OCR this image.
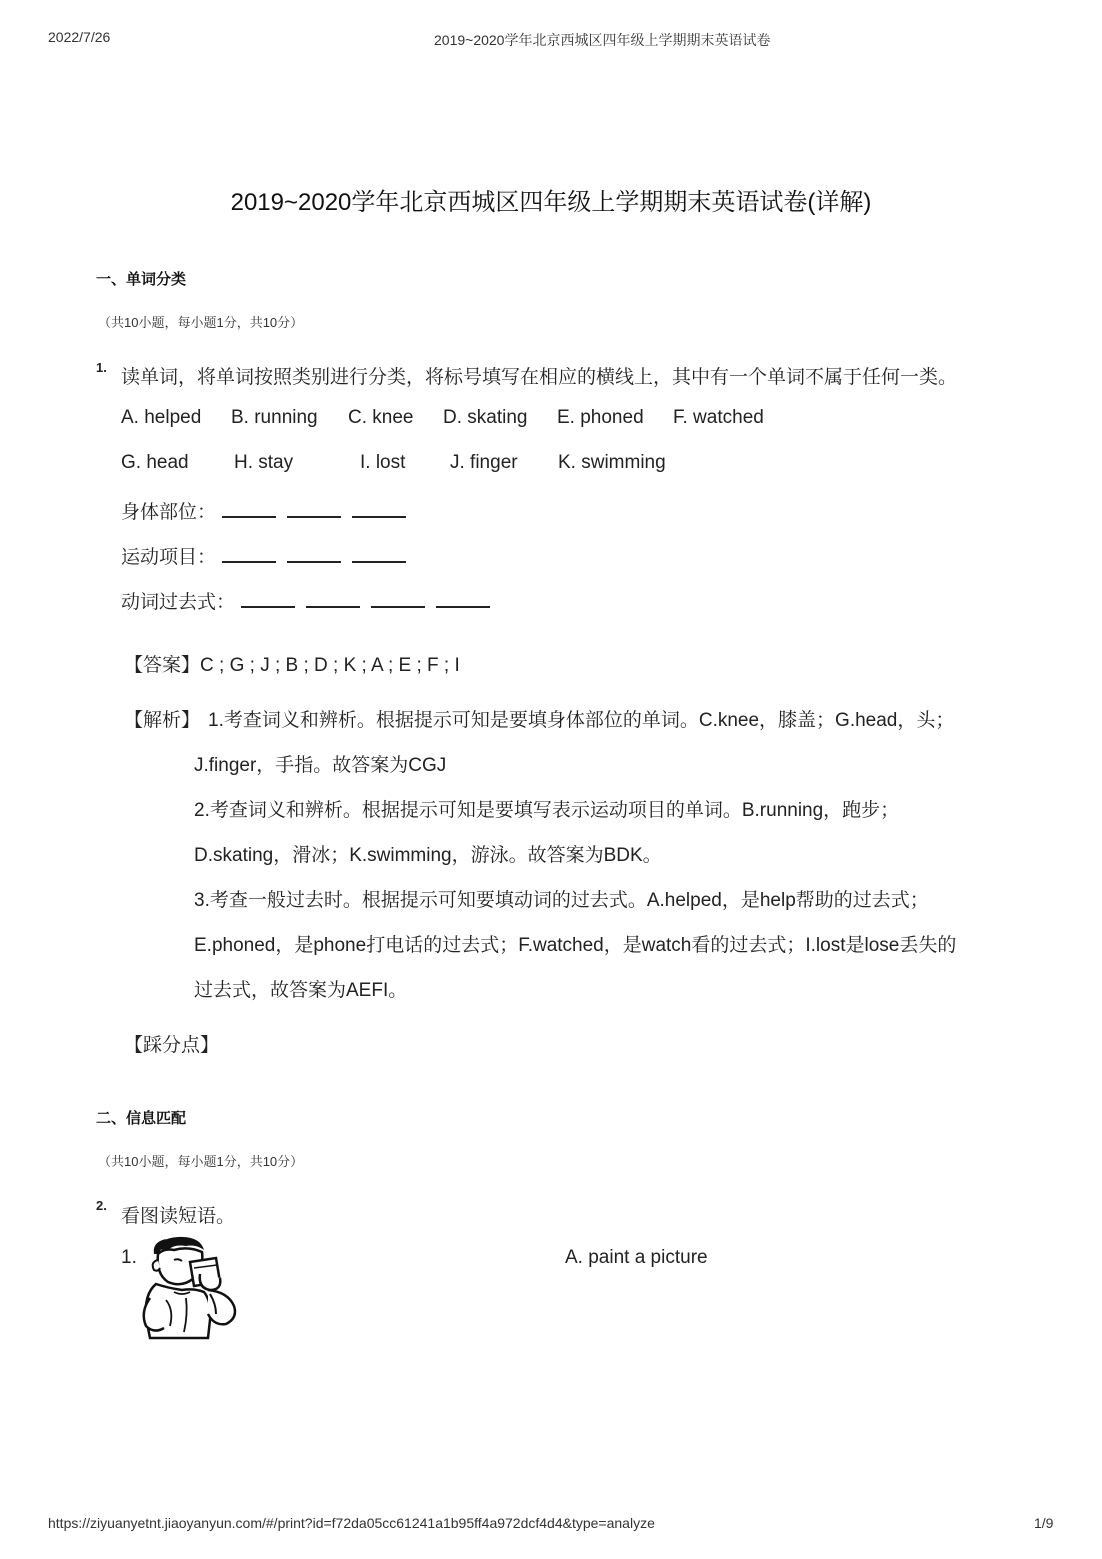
2022/7/26	2019~2020学年北京西城区四年级上学期期末英语试卷
2019~2020学年北京西城区四年级上学期期末英语试卷(详解)
一、单词分类
（共10小题，每小题1分，共10分）
1. 读单词，将单词按照类别进行分类，将标号填写在相应的横线上，其中有一个单词不属于任何一类。
A. helped B. running C. knee D. skating E. phoned F. watched
G. head H. stay	I. lost J. finger K. swimming
身体部位：
运动项目：
动词过去式：
【答案】C ; G ; J ; B ; D ; K ; A ; E ; F ; I
【解析】 1.考查词义和辨析。根据提示可知是要填身体部位的单词。C.knee，膝盖；G.head，头；
J.finger，手指。故答案为CGJ
2.考查词义和辨析。根据提示可知是要填写表示运动项目的单词。B.running，跑步；
D.skating，滑冰；K.swimming，游泳。故答案为BDK。
3.考查一般过去时。根据提示可知要填动词的过去式。A.helped，是help帮助的过去式；
E.phoned，是phone打电话的过去式；F.watched，是watch看的过去式；I.lost是lose丢失的
过去式，故答案为AEFI。
【踩分点】
二、信息匹配
（共10小题，每小题1分，共10分）
2.
看图读短语。
1.	A. paint a picture
https://ziyuanyetnt.jiaoyanyun.com/#/print?id=f72da05cc61241a1b95ff4a972dcf4d4&type=analyze	1/9
